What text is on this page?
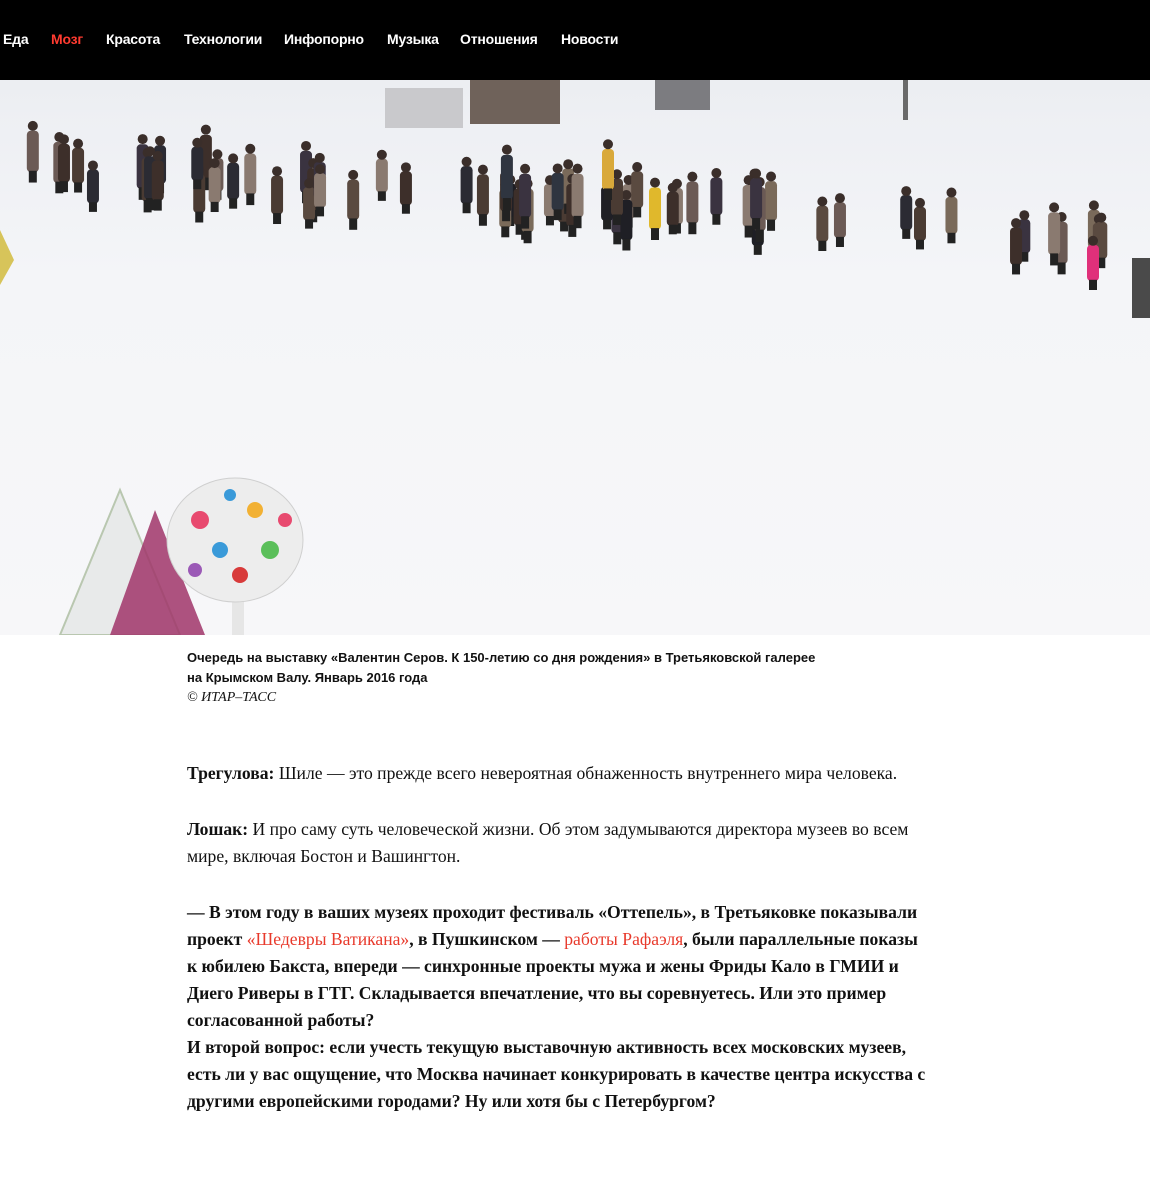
Еда Мозг Красота Технологии Инфопорно Музыка Отношения Новости
Очередь на выставку «Валентин Серов. К 150-летию со дня рождения» в Третьяковской галерее
на Крымском Валу. Январь 2016 года
© ИТАР–ТАСС

Трегулова: Шиле — это прежде всего невероятная обнаженность внутреннего мира человека.

Лошак: И про саму суть человеческой жизни. Об этом задумываются директора музеев во всем мире, включая Бостон и Вашингтон.

— В этом году в ваших музеях проходит фестиваль «Оттепель», в Третьяковке показывали проект «Шедевры Ватикана», в Пушкинском — работы Рафаэля, были параллельные показы к юбилею Бакста, впереди — синхронные проекты мужа и жены Фриды Кало в ГМИИ и Диего Риверы в ГТГ. Складывается впечатление, что вы соревнуетесь. Или это пример согласованной работы?
И второй вопрос: если учесть текущую выставочную активность всех московских музеев, есть ли у вас ощущение, что Москва начинает конкурировать в качестве центра искусства с другими европейскими городами? Ну или хотя бы с Петербургом?
